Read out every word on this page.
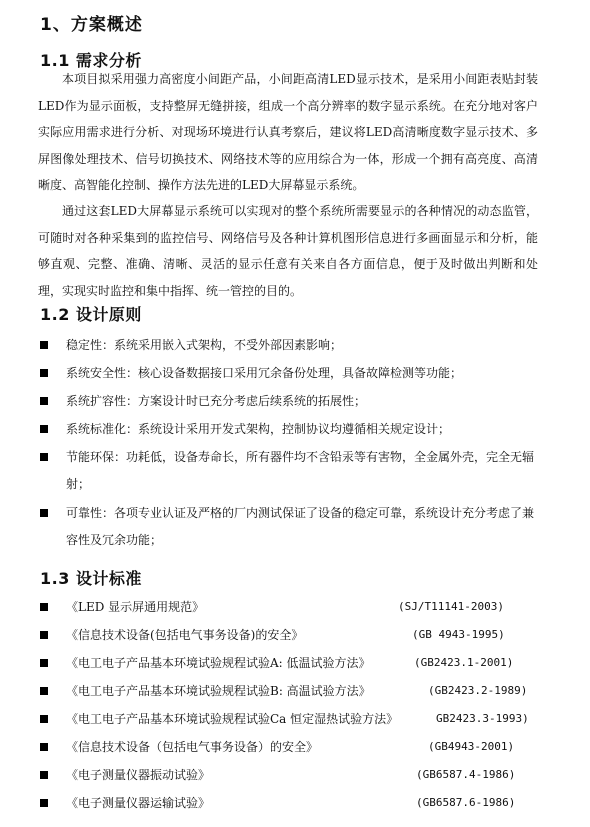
1、方案概述
1.1 需求分析

本项目拟采用强力高密度小间距产品，小间距高清LED显示技术，是采用小间距表贴封装LED作为显示面板，支持整屏无缝拼接，组成一个高分辨率的数字显示系统。在充分地对客户实际应用需求进行分析、对现场环境进行认真考察后，建议将LED高清晰度数字显示技术、多屏图像处理技术、信号切换技术、网络技术等的应用综合为一体，形成一个拥有高亮度、高清晰度、高智能化控制、操作方法先进的LED大屏幕显示系统。

通过这套LED大屏幕显示系统可以实现对的整个系统所需要显示的各种情况的动态监管，可随时对各种采集到的监控信号、网络信号及各种计算机图形信息进行多画面显示和分析，能够直观、完整、准确、清晰、灵活的显示任意有关来自各方面信息，便于及时做出判断和处理，实现实时监控和集中指挥、统一管控的目的。

1.2 设计原则
稳定性：系统采用嵌入式架构，不受外部因素影响；
系统安全性：核心设备数据接口采用冗余备份处理，具备故障检测等功能；
系统扩容性：方案设计时已充分考虑后续系统的拓展性；
系统标准化：系统设计采用开发式架构，控制协议均遵循相关规定设计；
节能环保：功耗低，设备寿命长，所有器件均不含铅汞等有害物，全金属外壳，完全无辐射；
可靠性：各项专业认证及严格的厂内测试保证了设备的稳定可靠，系统设计充分考虑了兼容性及冗余功能；
1.3 设计标准
《LED 显示屏通用规范》	(SJ/T11141-2003)

《信息技术设备(包括电气事务设备)的安全》	(GB 4943-1995)

《电工电子产品基本环境试验规程试验A: 低温试验方法》	(GB2423.1-2001)

《电工电子产品基本环境试验规程试验B: 高温试验方法》	(GB2423.2-1989)

《电工电子产品基本环境试验规程试验Ca 恒定湿热试验方法》	GB2423.3-1993)

《信息技术设备（包括电气事务设备）的安全》	(GB4943-2001)

《电子测量仪器振动试验》	(GB6587.4-1986)

《电子测量仪器运输试验》	(GB6587.6-1986)
